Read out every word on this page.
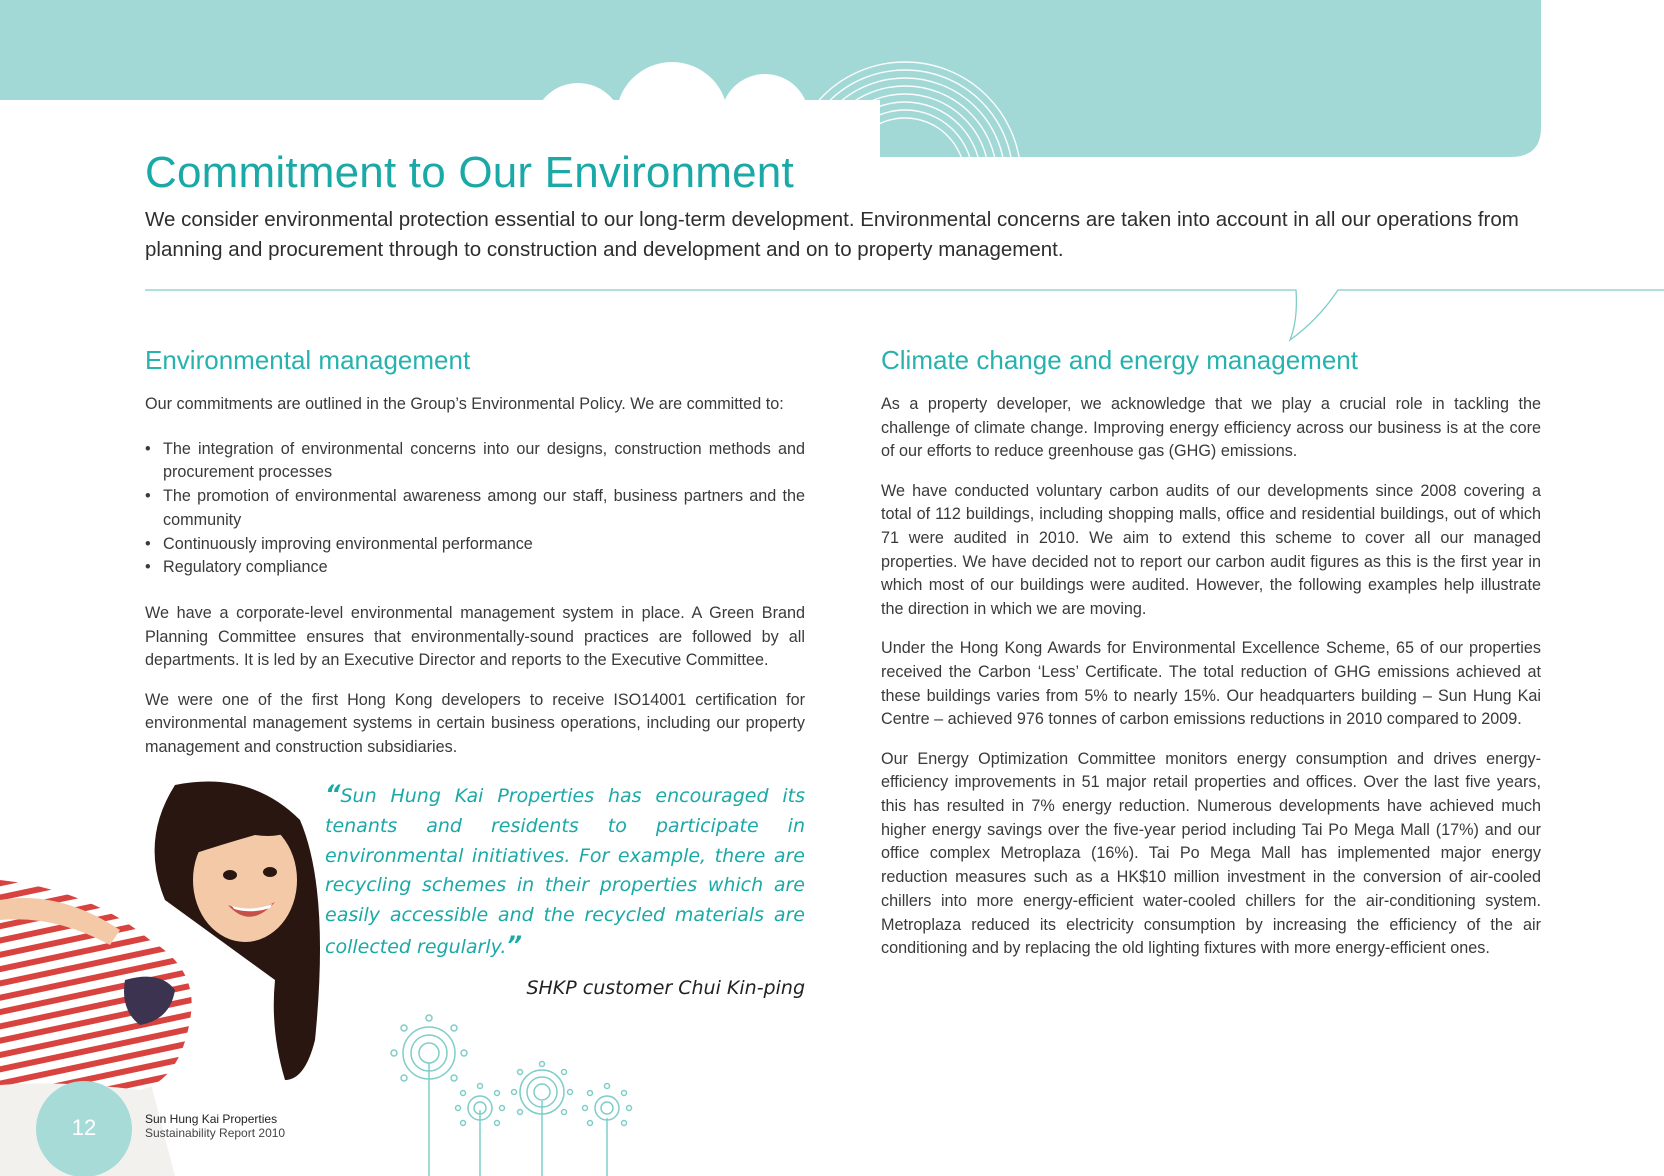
Commitment to Our Environment

We consider environmental protection essential to our long-term development. Environmental concerns are taken into account in all our operations from planning and procurement through to construction and development and on to property management.

Environmental management

Our commitments are outlined in the Group’s Environmental Policy. We are committed to:

• The integration of environmental concerns into our designs, construction methods and procurement processes
• The promotion of environmental awareness among our staff, business partners and the community
• Continuously improving environmental performance
• Regulatory compliance

We have a corporate-level environmental management system in place. A Green Brand Planning Committee ensures that environmentally-sound practices are followed by all departments. It is led by an Executive Director and reports to the Executive Committee.

We were one of the first Hong Kong developers to receive ISO14001 certification for environmental management systems in certain business operations, including our property management and construction subsidiaries.

Climate change and energy management

As a property developer, we acknowledge that we play a crucial role in tackling the challenge of climate change. Improving energy efficiency across our business is at the core of our efforts to reduce greenhouse gas (GHG) emissions.

We have conducted voluntary carbon audits of our developments since 2008 covering a total of 112 buildings, including shopping malls, office and residential buildings, out of which 71 were audited in 2010. We aim to extend this scheme to cover all our managed properties. We have decided not to report our carbon audit figures as this is the first year in which most of our buildings were audited. However, the following examples help illustrate the direction in which we are moving.

Under the Hong Kong Awards for Environmental Excellence Scheme, 65 of our properties received the Carbon ‘Less’ Certificate. The total reduction of GHG emissions achieved at these buildings varies from 5% to nearly 15%. Our headquarters building – Sun Hung Kai Centre – achieved 976 tonnes of carbon emissions reductions in 2010 compared to 2009.

Our Energy Optimization Committee monitors energy consumption and drives energy-efficiency improvements in 51 major retail properties and offices. Over the last five years, this has resulted in 7% energy reduction. Numerous developments have achieved much higher energy savings over the five-year period including Tai Po Mega Mall (17%) and our office complex Metroplaza (16%). Tai Po Mega Mall has implemented major energy reduction measures such as a HK$10 million investment in the conversion of air-cooled chillers into more energy-efficient water-cooled chillers for the air-conditioning system. Metroplaza reduced its electricity consumption by increasing the efficiency of the air conditioning and by replacing the old lighting fixtures with more energy-efficient ones.

“Sun Hung Kai Properties has encouraged its tenants and residents to participate in environmental initiatives. For example, there are recycling schemes in their properties which are easily accessible and the recycled materials are collected regularly.”

SHKP customer Chui Kin-ping

12	Sun Hung Kai Properties
Sustainability Report 2010
